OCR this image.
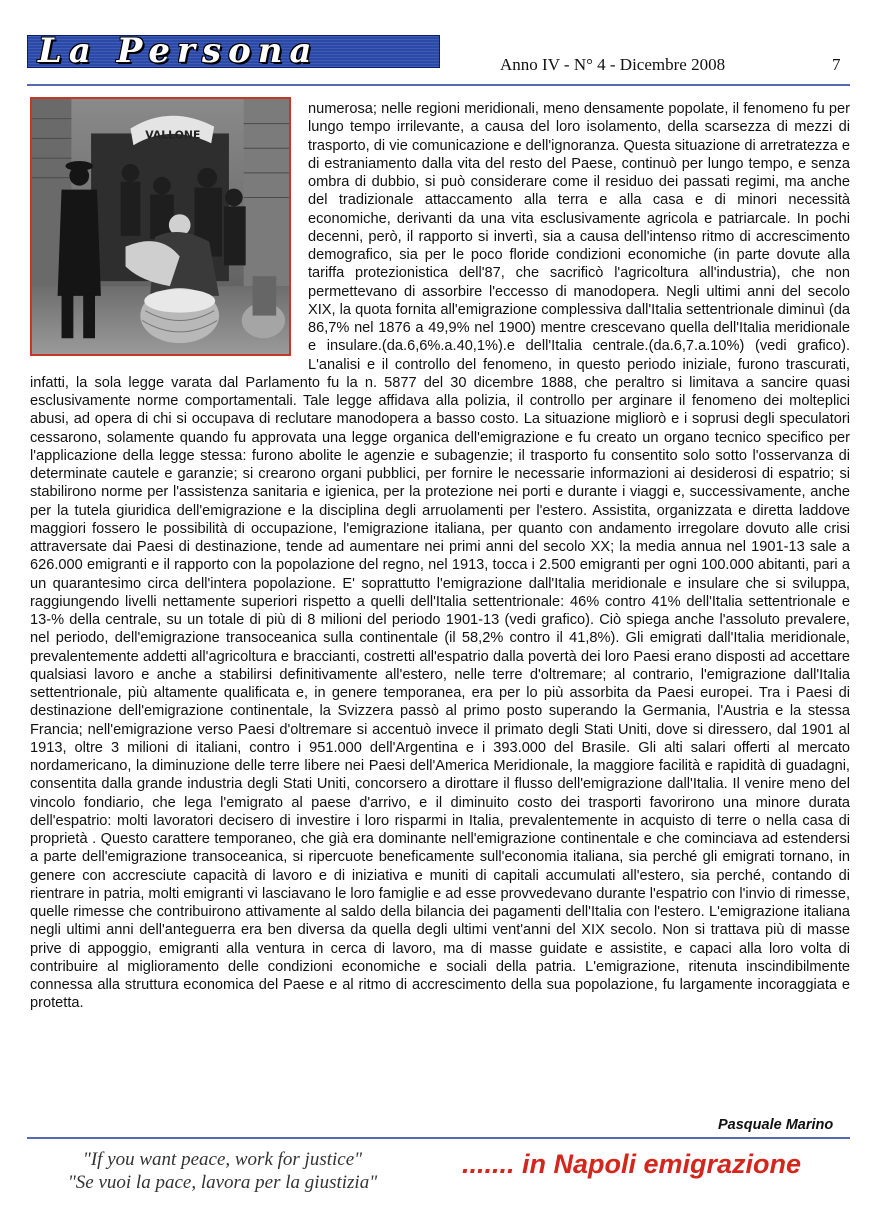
La Persona	Anno IV - N° 4 - Dicembre 2008	7
VALLONE
numerosa; nelle regioni meridionali, meno densamente popolate, il fenomeno fu per lungo tempo irrilevante, a causa del loro isolamento, della scarsezza di mezzi di trasporto, di vie comunicazione e dell'ignoranza. Questa situazione di arretratezza e di estraniamento dalla vita del resto del Paese, continuò per lungo tempo, e senza ombra di dubbio, si può considerare come il residuo dei passati regimi, ma anche del tradizionale attaccamento alla terra e alla casa e di minori necessità economiche, derivanti da una vita esclusivamente agricola e patriarcale. In pochi decenni, però, il rapporto si invertì, sia a causa dell'intenso ritmo di accrescimento demografico, sia per le poco floride condizioni economiche (in parte dovute alla tariffa protezionistica dell'87, che sacrificò l'agricoltura all'industria), che non permettevano di assorbire l'eccesso di manodopera. Negli ultimi anni del secolo XIX, la quota fornita all'emigrazione complessiva dall'Italia settentrionale diminuì (da 86,7% nel 1876 a 49,9% nel 1900) mentre crescevano quella dell'Italia meridionale e insulare.(da.6,6%.a.40,1%).e dell'Italia centrale.(da.6,7.a.10%) (vedi grafico). L'analisi e il controllo del fenomeno, in questo periodo iniziale, furono trascurati, infatti, la sola legge varata dal Parlamento fu la n. 5877 del 30 dicembre 1888, che peraltro si limitava a sancire quasi esclusivamente norme comportamentali. Tale legge affidava alla polizia, il controllo per arginare il fenomeno dei molteplici abusi, ad opera di chi si occupava di reclutare manodopera a basso costo. La situazione migliorò e i soprusi degli speculatori cessarono, solamente quando fu approvata una legge organica dell'emigrazione e fu creato un organo tecnico specifico per l'applicazione della legge stessa: furono abolite le agenzie e subagenzie; il trasporto fu consentito solo sotto l'osservanza di determinate cautele e garanzie; si crearono organi pubblici, per fornire le necessarie informazioni ai desiderosi di espatrio; si stabilirono norme per l'assistenza sanitaria e igienica, per la protezione nei porti e durante i viaggi e, successivamente, anche per la tutela giuridica dell'emigrazione e la disciplina degli arruolamenti per l'estero. Assistita, organizzata e diretta laddove maggiori fossero le possibilità di occupazione, l'emigrazione italiana, per quanto con andamento irregolare dovuto alle crisi attraversate dai Paesi di destinazione, tende ad aumentare nei primi anni del secolo XX; la media annua nel 1901-13 sale a 626.000 emigranti e il rapporto con la popolazione del regno, nel 1913, tocca i 2.500 emigranti per ogni 100.000 abitanti, pari a un quarantesimo circa dell'intera popolazione. E' soprattutto l'emigrazione dall'Italia meridionale e insulare che si sviluppa, raggiungendo livelli nettamente superiori rispetto a quelli dell'Italia settentrionale: 46% contro 41% dell'Italia settentrionale e 13-% della centrale, su un totale di più di 8 milioni del periodo 1901-13 (vedi grafico). Ciò spiega anche l'assoluto prevalere, nel periodo, dell'emigrazione transoceanica sulla continentale (il 58,2% contro il 41,8%). Gli emigrati dall'Italia meridionale, prevalentemente addetti all'agricoltura e braccianti, costretti all'espatrio dalla povertà dei loro Paesi erano disposti ad accettare qualsiasi lavoro e anche a stabilirsi definitivamente all'estero, nelle terre d'oltremare; al contrario, l'emigrazione dall'Italia settentrionale, più altamente qualificata e, in genere temporanea, era per lo più assorbita da Paesi europei. Tra i Paesi di destinazione dell'emigrazione continentale, la Svizzera passò al primo posto superando la Germania, l'Austria e la stessa Francia; nell'emigrazione verso Paesi d'oltremare si accentuò invece il primato degli Stati Uniti, dove si diressero, dal 1901 al 1913, oltre 3 milioni di italiani, contro i 951.000 dell'Argentina e i 393.000 del Brasile. Gli alti salari offerti al mercato nordamericano, la diminuzione delle terre libere nei Paesi dell'America Meridionale, la maggiore facilità e rapidità di guadagni, consentita dalla grande industria degli Stati Uniti, concorsero a dirottare il flusso dell'emigrazione dall'Italia. Il venire meno del vincolo fondiario, che lega l'emigrato al paese d'arrivo, e il diminuito costo dei trasporti favorirono una minore durata dell'espatrio: molti lavoratori decisero di investire i loro risparmi in Italia, prevalentemente in acquisto di terre o nella casa di proprietà . Questo carattere temporaneo, che già era dominante nell'emigrazione continentale e che cominciava ad estendersi a parte dell'emigrazione transoceanica, si ripercuote beneficamente sull'economia italiana, sia perché gli emigrati tornano, in genere con accresciute capacità di lavoro e di iniziativa e muniti di capitali accumulati all'estero, sia perché, contando di rientrare in patria, molti emigranti vi lasciavano le loro famiglie e ad esse provvedevano durante l'espatrio con l'invio di rimesse, quelle rimesse che contribuirono attivamente al saldo della bilancia dei pagamenti dell'Italia con l'estero. L'emigrazione italiana negli ultimi anni dell'anteguerra era ben diversa da quella degli ultimi vent'anni del XIX secolo. Non si trattava più di masse prive di appoggio, emigranti alla ventura in cerca di lavoro, ma di masse guidate e assistite, e capaci alla loro volta di contribuire al miglioramento delle condizioni economiche e sociali della patria. L'emigrazione, ritenuta inscindibilmente connessa alla struttura economica del Paese e al ritmo di accrescimento della sua popolazione, fu largamente incoraggiata e protetta.
Pasquale Marino
"If you want peace, work for justice"
"Se vuoi la pace, lavora per la giustizia"
....... in Napoli emigrazione
